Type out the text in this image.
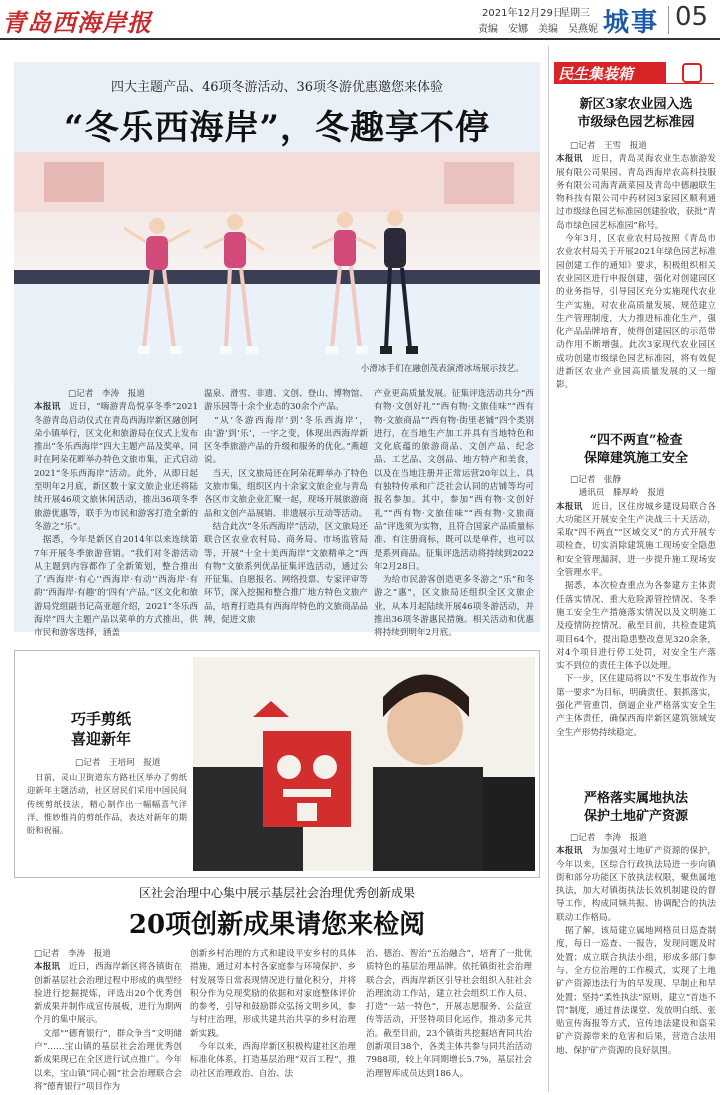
青岛西海岸报	2021年12月29日
星期三
责编　安娜　美编　吴燕妮 城事 05
四大主题产品、46项冬游活动、36项冬游优惠邀您来体验
“冬乐西海岸”，冬趣享不停
小滑冰手们在融创茂表演滑冰场展示技艺。
□记者　李涛　报道
本报讯　近日，“嗨游青岛悦享冬季”2021冬游青岛启动仪式在青岛西海岸新区融创阿朵小镇举行，区文化和旅游局在仪式上发布推出“冬乐西海岸”四大主题产品及奖单，同时在阿朵花畔举办特色文旅市集，正式启动2021“冬乐西海岸”活动。此外，从即日起至明年2月底，新区数十家文旅企业还将陆续开展46项文旅休闲活动，推出36项冬季旅游优惠等，联手为市民和游客打造全新的冬游之“乐”。
　据悉，今年是新区自2014年以来连续第7年开展冬季旅游营销。“我们对冬游活动从主题到内容都作了全新策划，整合推出了‘西海岸·有心’‘西海岸·有动’‘西海岸·有韵’‘西海岸·有趣’的‘四有’产品。”区文化和旅游局党组副书记高亚超介绍，2021“冬乐西海岸”四大主题产品以菜单的方式推出，供市民和游客选择，涵盖
温泉、滑雪、非遗、文创、登山、博物馆、游乐园等十余个业态的30余个产品。
　“从‘冬游西海岸’到‘冬乐西海岸’，由‘游’到‘乐’，一字之变，体现出西海岸新区冬季旅游产品的升级和服务的优化。”燕超说。
　当天，区文旅局还在阿朵花畔举办了特色文旅市集，组织区内十余家文旅企业与青岛各区市文旅企业汇聚一起，现场开展旅游商品和文创产品展销、非遗展示互动等活动。
　结合此次“冬乐西海岸”活动，区文旅局还联合区农业农村局、商务局、市场监管局等，开展“十全十美西海岸”文旅精单之“西有物”文旅系列优品征集评选活动，通过公开征集、自愿报名、网络投票、专家评审等环节，深入挖掘和整合推广地方特色文旅产品，培育打造具有西海岸特色的文旅商品品牌，促进文旅
产业更高质量发展。征集评选活动共分“西有物·文创好礼”“西有物·文旅佳味”“西有物·文旅商品”“西有物·街里老铺”四个类别进行，在当地生产加工并具有当地特色和文化底蕴的旅游商品、文创产品、纪念品、工艺品、文创品、地方特产和美食，以及在当地注册并正常运营20年以上、具有独特传承和广泛社会认同的店铺等均可报名参加。其中，参加“西有物·文创好礼”“西有物·文旅佳味”“西有物·文旅商品”评选须为实物，且符合国家产品质量标准、有注册商标，既可以是单件，也可以是系列商品。征集评选活动将持续到2022年2月28日。
　为给市民游客创造更多冬游之“乐”和冬游之“惠”，区文旅局还组织全区文旅企业，从本月起陆续开展46项冬游活动，并推出36项冬游惠民措施。相关活动和优惠将持续到明年2月底。
巧手剪纸
喜迎新年
□记者　王培珂　报道
　日前，灵山卫街道东方路社区举办了剪纸迎新年主题活动，社区居民们采用中国民间传统剪纸技法，精心制作出一幅幅喜气洋洋、惟妙惟肖的剪纸作品，表达对新年的期盼和祝福。
区社会治理中心集中展示基层社会治理优秀创新成果
20项创新成果请您来检阅
□记者　李涛　报道
本报讯　近日，西海岸新区将各镇街在创新基层社会治理过程中形成的典型经验进行挖掘提炼，评选出20个优秀创新成果并制作成宣传展板，进行为期两个月的集中展示。
　文部"“德育银行”，群众争当“文明储户”……宝山镇的基层社会治理优秀创新成果现已在全区进行试点推广。今年以来，宝山镇“同心圆”社会治理联合会将“德育银行”项目作为
创新乡村治理的方式和建设平安乡村的具体措施，通过对本村各家庭参与环境保护、乡村发展等日常表现情况进行量化积分，并将积分作为兑现奖励的依据和对家庭整体评价的参考，引导和鼓励群众弘扬文明乡风，参与村庄治理，形成共建共治共享的乡村治理新实践。
　今年以来，西海岸新区积极构建社区治理标准化体系，打造基层治理“双百工程”，推动社区治理政治、自治、法
治、德治、智治“五治融合”，培育了一批优质特色的基层治理品牌。依托镇街社会治理联合会，西海岸新区引导社会组织入驻社会治理流动工作站，建立社会组织工作人员、打造“一站一特色”，开展志愿服务、公益宣传等活动，开竖特项目化运作，推动多元共治。截至目前，23个镇街共挖掘培育同共治创新项目38个，各类主体共参与同共治活动7988项，较上年同期增长5.7%，基层社会治理智库成员达到186人。
民生集装箱
新区3家农业园入选
市级绿色园艺标准园
□记者　王雪　报道
本报讯　近日，青岛灵海农业生态旅游发展有限公司果园、青岛西海岸农高科技服务有限公司海青蔬菜园及青岛中德融联生物科技有限公司中药材园3家园区顺利通过市级绿色园艺标准园创建验收，获批“青岛市绿色园艺标准园”称号。
　今年3月，区农业农村局按照《青岛市农业农村局关于开展2021年绿色园艺标准园创建工作的通知》要求，积极组织相关农业园区进行申报创建，强化对创建园区的业务指导，引导园区充分实施现代农业生产实施，对农业高质量发展、规范建立生产管理制度，大力推进标准化生产，强化产品品牌培育，使得创建园区的示范带动作用不断增强。此次3家现代农业园区成功创建市级绿色园艺标准园，将有效促进新区农业产业园高质量发展的又一缩影。
“四不两直”检查
保障建筑施工安全
□记者　张静
　通讯员　滕厚岭　报道
本报讯　近日，区住房城乡建设局联合各大功能区开展安全生产决战三十天活动，采取“四不两直”“区域交叉”的方式开展专项检查，切实消除建筑施工现场安全隐患和安全管理漏洞，进一步提升施工现场安全管理水平。
　据悉，本次检查重点为各参建方主体责任落实情况、重大危险源管控情况、冬季施工安全生产措施落实情况以及文明施工及疫情防控情况。截至目前，共检查建筑项目64个，提出隐患整改意见320余条，对4个项目进行停工处罚，对安全生产落实不到位的责任主体予以处理。
　下一步，区住建局将以“不发生事故作为第一要求”为目标，明确责任、狠抓落实，强化严管重罚，倒逼企业严格落实安全生产主体责任，确保西海岸新区建筑领域安全生产形势持续稳定。
严格落实属地执法
保护土地矿产资源
□记者　李涛　报道
本报讯　为加强对土地矿产资源的保护，今年以来，区综合行政执法局进一步向镇街和部分功能区下放执法权限，聚焦属地执法，加大对镇街执法长效机制建设的督导工作，构成同频共振、协调配合的执法联动工作格局。
　据了解，该局建立属地网格员日巡查制度，每日一巡查、一报告，发现问题及时处置；成立联合执法小组，形成多部门参与、全方位治理的工作模式，实现了土地矿产资源违法行为的早发现、早制止和早处置；坚持“柔性执法”原则，建立“首违不罚”制度，通过普法课堂、发放明白纸、张贴宣传海报等方式，宣传违法建设和盗采矿产资源带来的危害和后果，营造合法用地、保护矿产资源的良好氛围。
